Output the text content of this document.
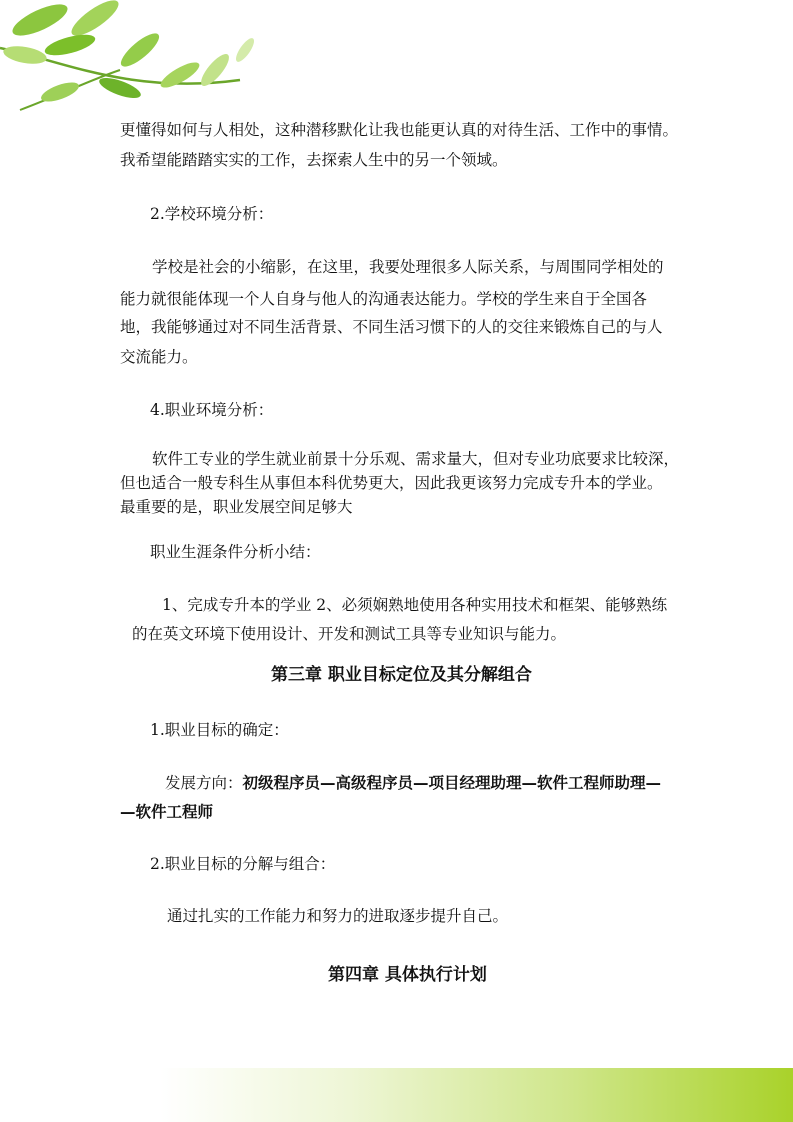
更懂得如何与人相处，这种潜移默化让我也能更认真的对待生活、工作中的事情。

我希望能踏踏实实的工作，去探索人生中的另一个领域。

2.学校环境分析：

学校是社会的小缩影，在这里，我要处理很多人际关系，与周围同学相处的

能力就很能体现一个人自身与他人的沟通表达能力。学校的学生来自于全国各

地，我能够通过对不同生活背景、不同生活习惯下的人的交往来锻炼自己的与人

交流能力。

4.职业环境分析：

软件工专业的学生就业前景十分乐观、需求量大，但对专业功底要求比较深，

但也适合一般专科生从事但本科优势更大，因此我更该努力完成专升本的学业。

最重要的是，职业发展空间足够大

职业生涯条件分析小结：

1、完成专升本的学业 2、必须娴熟地使用各种实用技术和框架、能够熟练

的在英文环境下使用设计、开发和测试工具等专业知识与能力。

第三章 职业目标定位及其分解组合

1.职业目标的确定：

发展方向：初级程序员—高级程序员—项目经理助理—软件工程师助理—

—软件工程师

2.职业目标的分解与组合：

通过扎实的工作能力和努力的进取逐步提升自己。

第四章 具体执行计划
